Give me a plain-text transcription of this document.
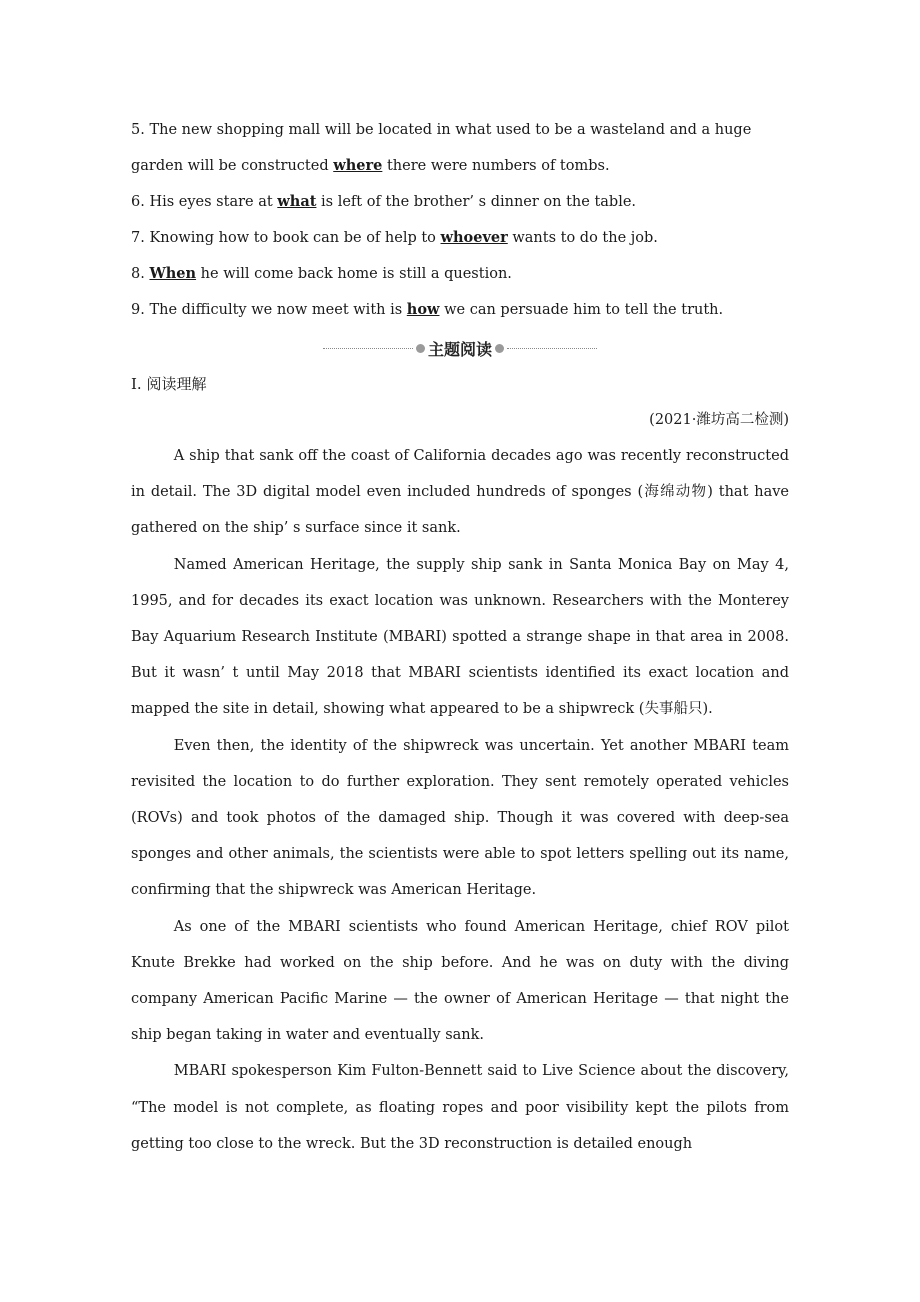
5. The new shopping mall will be located in what used to be a wasteland and a huge
garden will be constructed where there were numbers of tombs.
6. His eyes stare at what is left of the brother’ s dinner on the table.
7. Knowing how to book can be of help to whoever wants to do the job.
8. When he will come back home is still a question.
9. The difficulty we now meet with is how we can persuade him to tell the truth.
主题阅读
Ⅰ. 阅读理解
(2021·潍坊高二检测)

A ship that sank off the coast of California decades ago was recently reconstructed in detail. The 3D digital model even included hundreds of sponges (海绵动物) that have gathered on the ship’ s surface since it sank.

Named American Heritage, the supply ship sank in Santa Monica Bay on May 4, 1995, and for decades its exact location was unknown. Researchers with the Monterey Bay Aquarium Research Institute (MBARI) spotted a strange shape in that area in 2008. But it wasn’ t until May 2018 that MBARI scientists identified its exact location and mapped the site in detail, showing what appeared to be a shipwreck (失事船只).

Even then, the identity of the shipwreck was uncertain. Yet another MBARI team revisited the location to do further exploration. They sent remotely operated vehicles (ROVs) and took photos of the damaged ship. Though it was covered with deep-sea sponges and other animals, the scientists were able to spot letters spelling out its name, confirming that the shipwreck was American Heritage.

As one of the MBARI scientists who found American Heritage, chief ROV pilot Knute Brekke had worked on the ship before. And he was on duty with the diving company American Pacific Marine — the owner of American Heritage — that night the ship began taking in water and eventually sank.

MBARI spokesperson Kim Fulton-Bennett said to Live Science about the discovery, “The model is not complete, as floating ropes and poor visibility kept the pilots from getting too close to the wreck. But the 3D reconstruction is detailed enough
